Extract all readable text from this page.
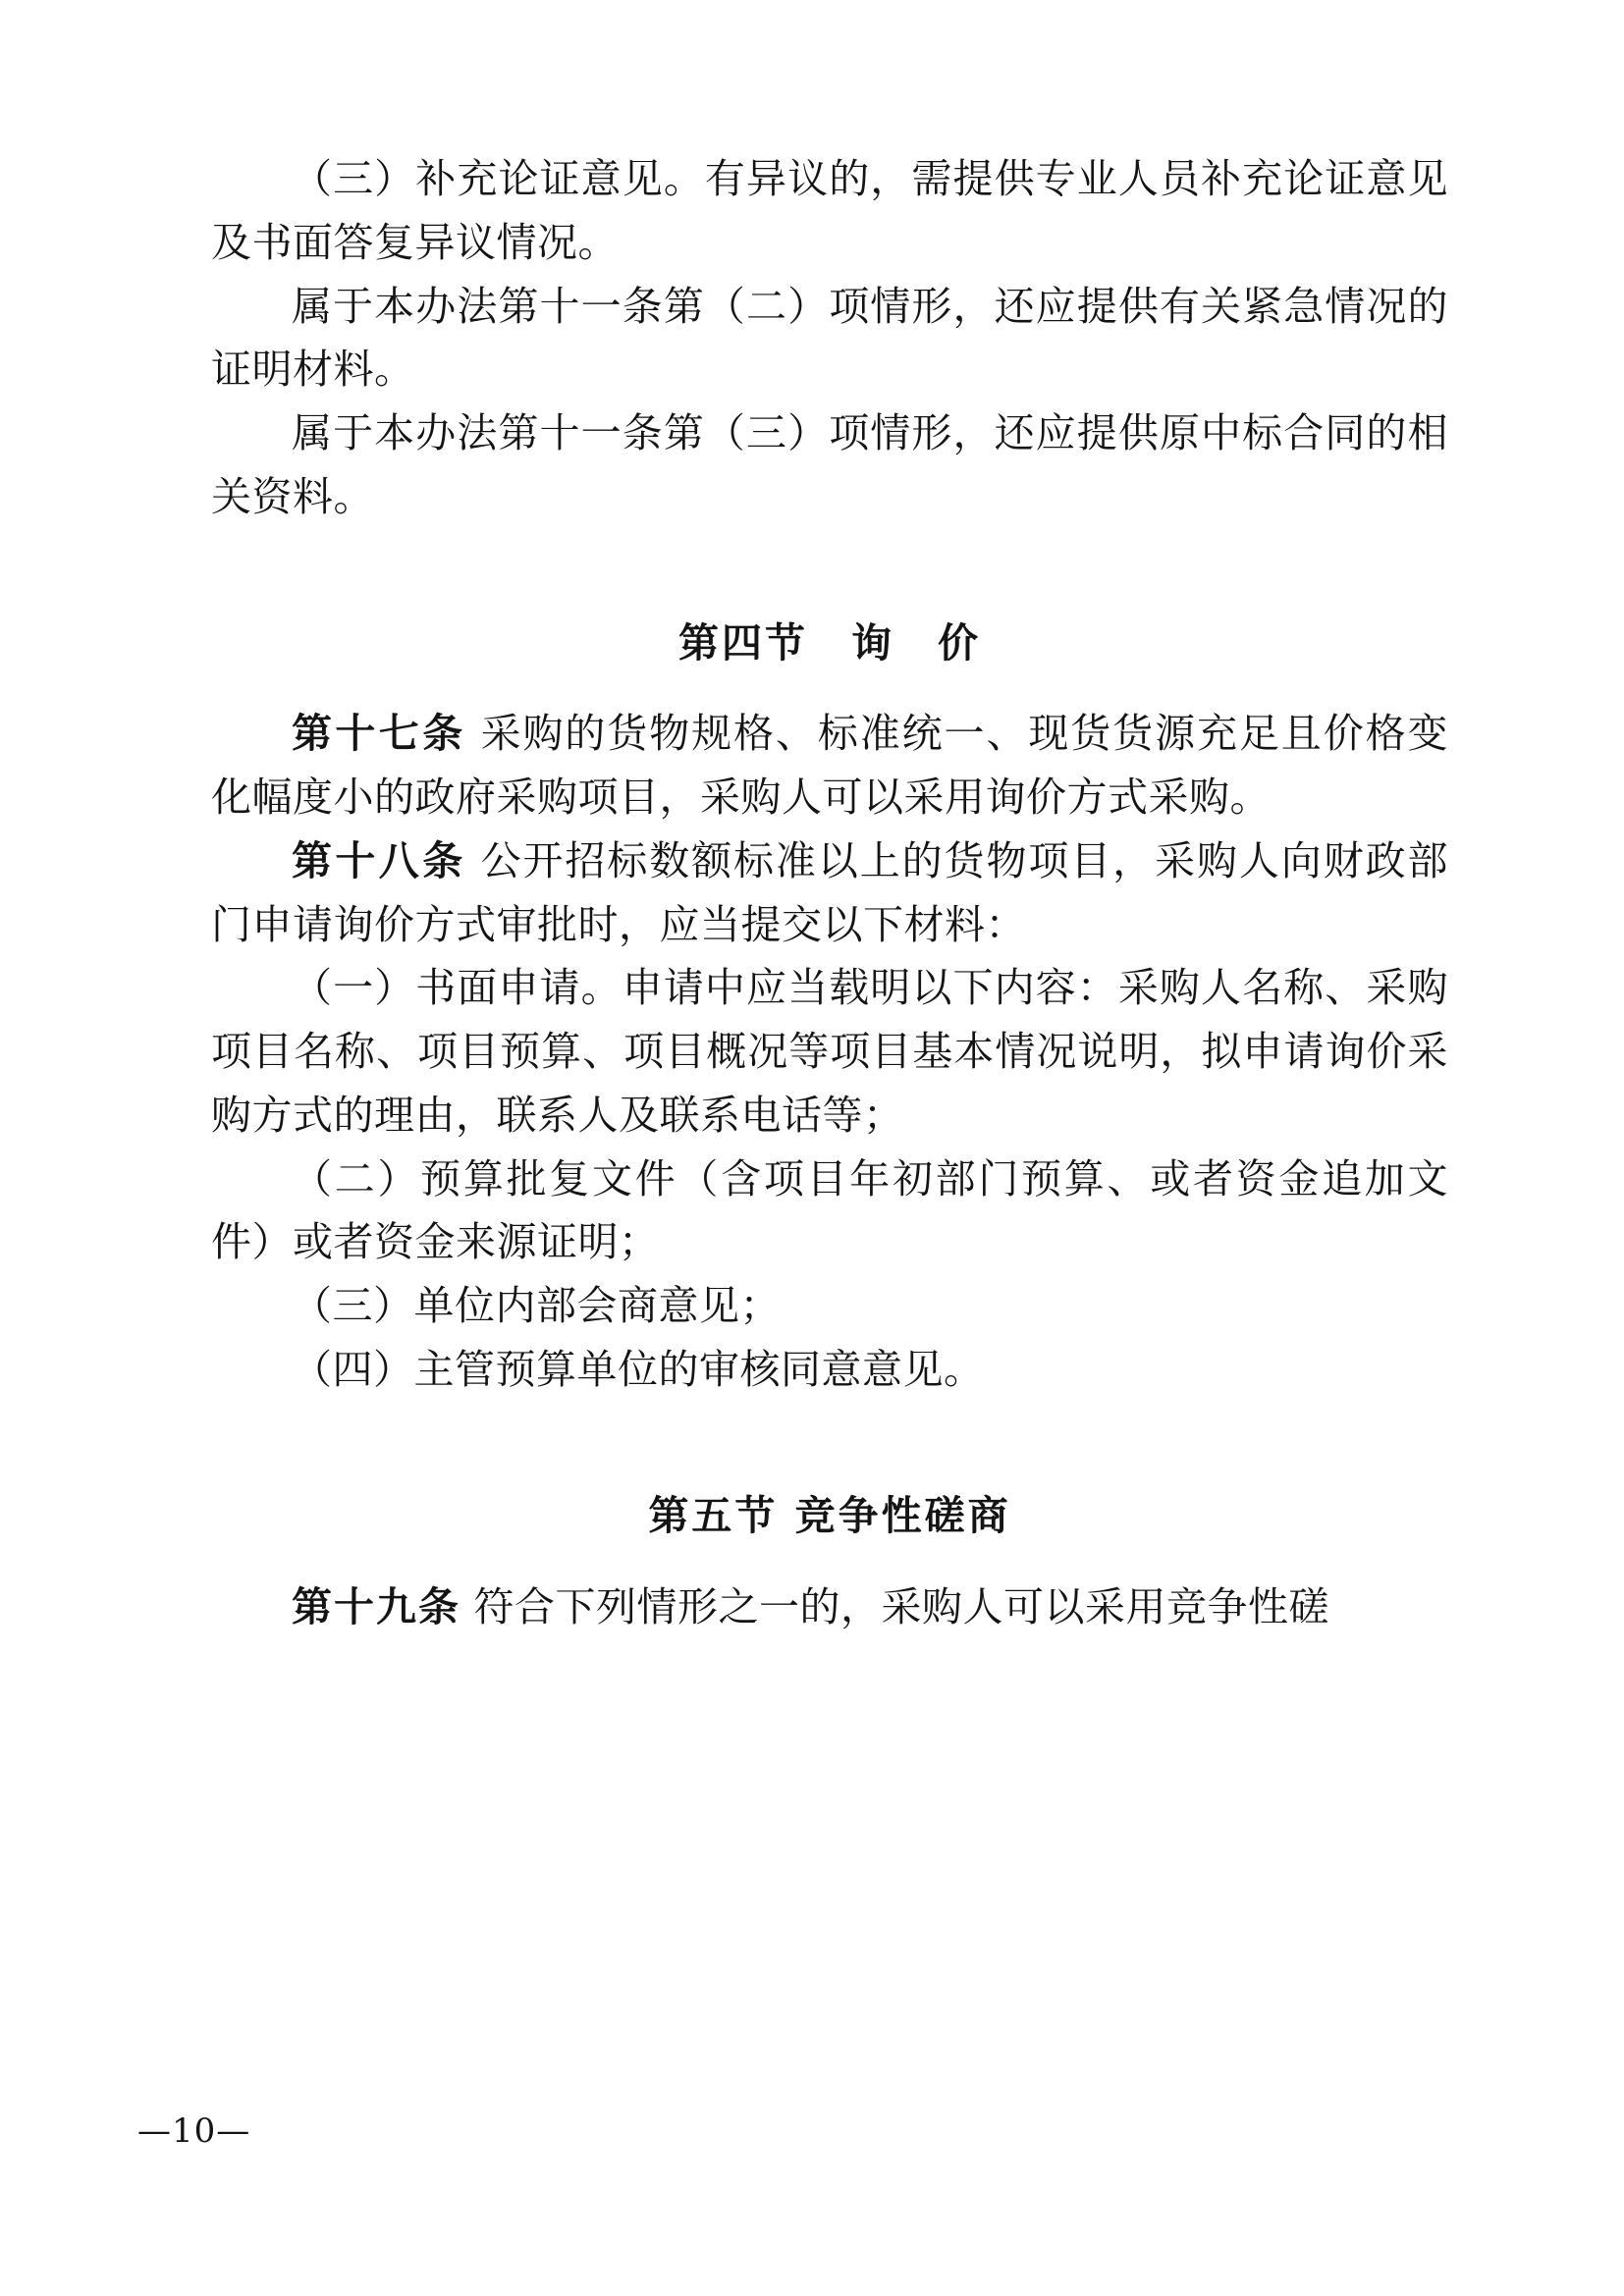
（三）补充论证意见。有异议的，需提供专业人员补充论证意见及书面答复异议情况。

属于本办法第十一条第（二）项情形，还应提供有关紧急情况的证明材料。

属于本办法第十一条第（三）项情形，还应提供原中标合同的相关资料。

第四节　询　价

第十七条 采购的货物规格、标准统一、现货货源充足且价格变化幅度小的政府采购项目，采购人可以采用询价方式采购。

第十八条 公开招标数额标准以上的货物项目，采购人向财政部门申请询价方式审批时，应当提交以下材料：

（一）书面申请。申请中应当载明以下内容：采购人名称、采购项目名称、项目预算、项目概况等项目基本情况说明，拟申请询价采购方式的理由，联系人及联系电话等；

（二）预算批复文件（含项目年初部门预算、或者资金追加文件）或者资金来源证明；

（三）单位内部会商意见；

（四）主管预算单位的审核同意意见。

第五节 竞争性磋商

第十九条 符合下列情形之一的，采购人可以采用竞争性磋

—10—
